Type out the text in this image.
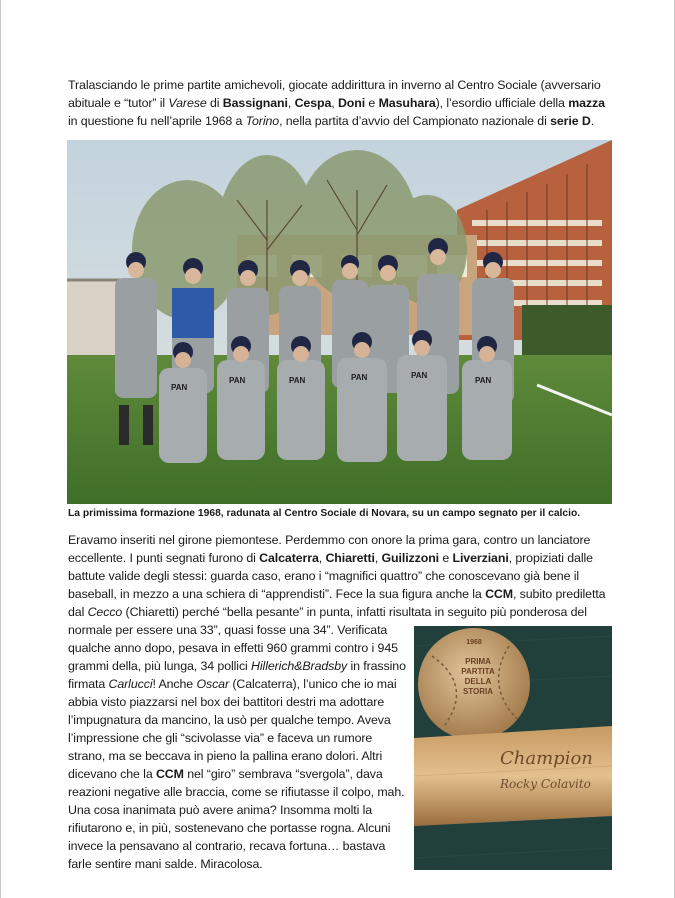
Tralasciando le prime partite amichevoli, giocate addirittura in inverno al Centro Sociale (avversario abituale e “tutor” il Varese di Bassignani, Cespa, Doni e Masuhara), l’esordio ufficiale della mazza in questione fu nell’aprile 1968 a Torino, nella partita d’avvio del Campionato nazionale di serie D.

PAN
PAN	PAN	PAN	PAN
PAN

La primissima formazione 1968, radunata al Centro Sociale di Novara, su un campo segnato per il calcio.

Eravamo inseriti nel girone piemontese. Perdemmo con onore la prima gara, contro un lanciatore eccellente. I punti segnati furono di Calcaterra, Chiaretti, Guilizzoni e Liverziani, propiziati dalle battute valide degli stessi: guarda caso, erano i “magnifici quattro” che conoscevano già bene il baseball, in mezzo a una schiera di “apprendisti”. Fece la sua figura anche la CCM, subito prediletta dal Cecco (Chiaretti) perché “bella pesante” in punta, infatti risultata in seguito più ponderosa del

normale per essere una 33”, quasi fosse una 34”. Verificata qualche anno dopo, pesava in effetti 960 grammi contro i 945 grammi della, più lunga, 34 pollici Hillerich&Bradsby in frassino firmata Carlucci! Anche Oscar (Calcaterra), l’unico che io mai abbia visto piazzarsi nel box dei battitori destri ma adottare l’impugnatura da mancino, la usò per qualche tempo. Aveva l’impressione che gli “scivolasse via” e faceva un rumore strano, ma se beccava in pieno la pallina erano dolori. Altri dicevano che la CCM nel “giro” sembrava “svergola”, dava reazioni negative alle braccia, come se rifiutasse il colpo, mah. Una cosa inanimata può avere anima? Insomma molti la rifiutarono e, in più, sostenevano che portasse rogna. Alcuni invece la pensavano al contrario, recava fortuna… bastava farle sentire mani salde. Miracolosa.

1968
PRIMA
PARTITA
DELLA
STORIA
Champion
Rocky Colavito
